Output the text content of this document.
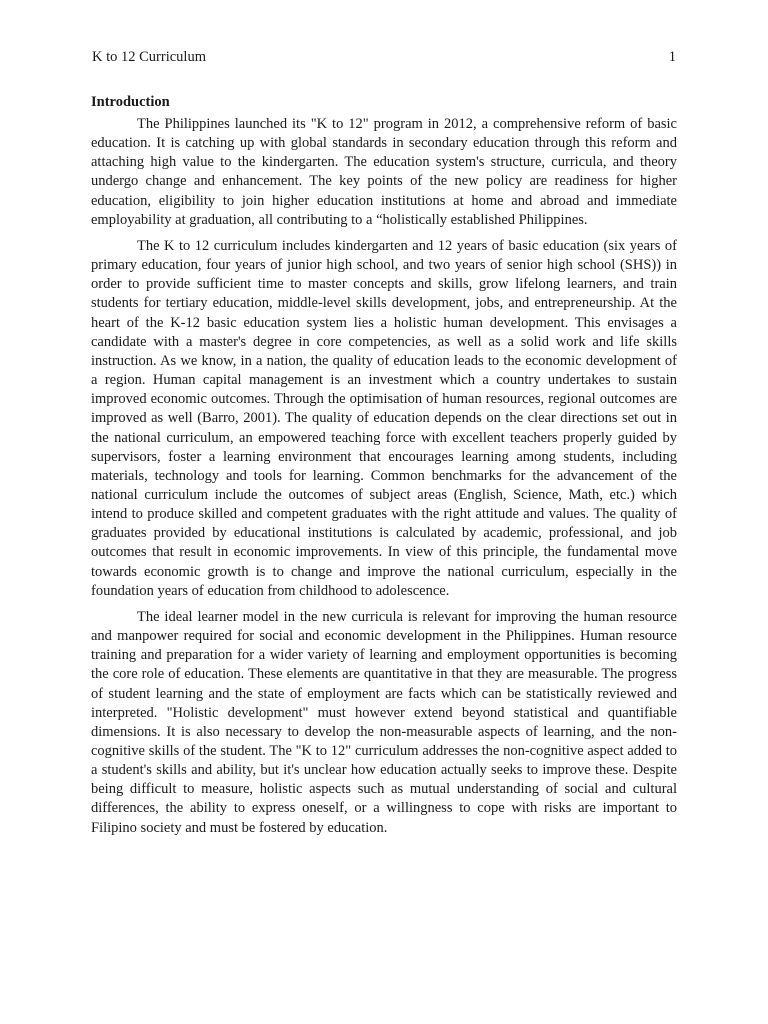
K to 12 Curriculum	1
Introduction

The Philippines launched its "K to 12" program in 2012, a comprehensive reform of basic education. It is catching up with global standards in secondary education through this reform and attaching high value to the kindergarten. The education system's structure, curricula, and theory undergo change and enhancement. The key points of the new policy are readiness for higher education, eligibility to join higher education institutions at home and abroad and immediate employability at graduation, all contributing to a “holistically established Philippines.

The K to 12 curriculum includes kindergarten and 12 years of basic education (six years of primary education, four years of junior high school, and two years of senior high school (SHS)) in order to provide sufficient time to master concepts and skills, grow lifelong learners, and train students for tertiary education, middle-level skills development, jobs, and entrepreneurship. At the heart of the K-12 basic education system lies a holistic human development. This envisages a candidate with a master's degree in core competencies, as well as a solid work and life skills instruction. As we know, in a nation, the quality of education leads to the economic development of a region. Human capital management is an investment which a country undertakes to sustain improved economic outcomes. Through the optimisation of human resources, regional outcomes are improved as well (Barro, 2001). The quality of education depends on the clear directions set out in the national curriculum, an empowered teaching force with excellent teachers properly guided by supervisors, foster a learning environment that encourages learning among students, including materials, technology and tools for learning. Common benchmarks for the advancement of the national curriculum include the outcomes of subject areas (English, Science, Math, etc.) which intend to produce skilled and competent graduates with the right attitude and values. The quality of graduates provided by educational institutions is calculated by academic, professional, and job outcomes that result in economic improvements. In view of this principle, the fundamental move towards economic growth is to change and improve the national curriculum, especially in the foundation years of education from childhood to adolescence.

The ideal learner model in the new curricula is relevant for improving the human resource and manpower required for social and economic development in the Philippines. Human resource training and preparation for a wider variety of learning and employment opportunities is becoming the core role of education. These elements are quantitative in that they are measurable. The progress of student learning and the state of employment are facts which can be statistically reviewed and interpreted. "Holistic development" must however extend beyond statistical and quantifiable dimensions. It is also necessary to develop the non-measurable aspects of learning, and the non-cognitive skills of the student. The "K to 12" curriculum addresses the non-cognitive aspect added to a student's skills and ability, but it's unclear how education actually seeks to improve these. Despite being difficult to measure, holistic aspects such as mutual understanding of social and cultural differences, the ability to express oneself, or a willingness to cope with risks are important to Filipino society and must be fostered by education.
